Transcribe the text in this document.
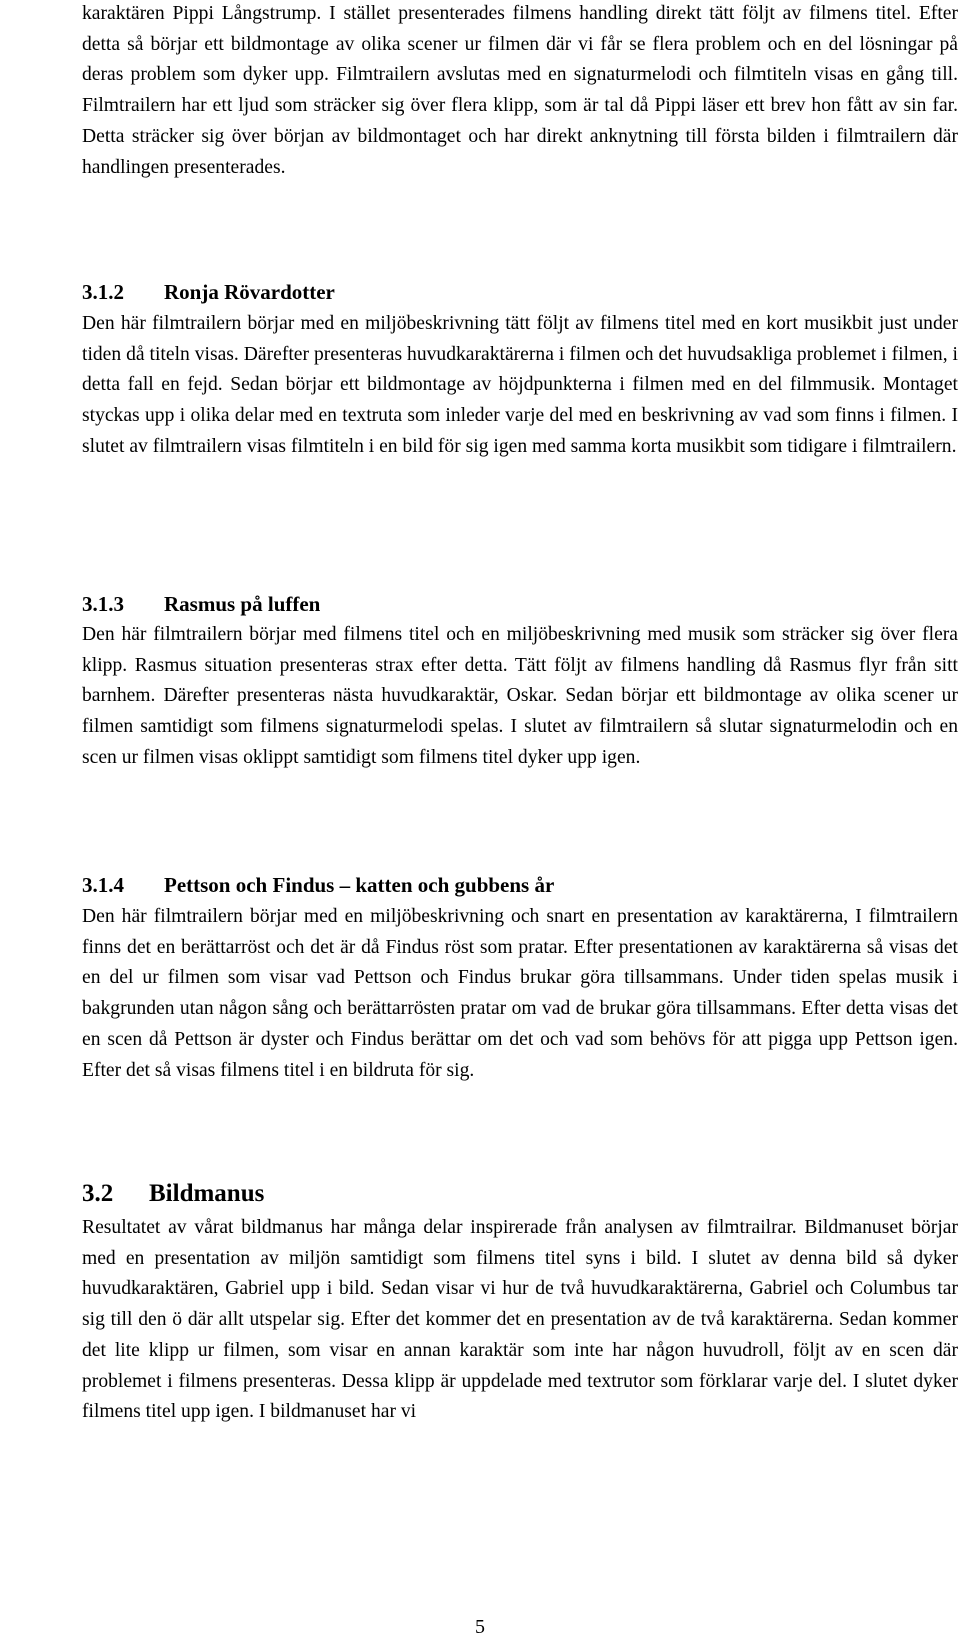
karaktären Pippi Långstrump. I stället presenterades filmens handling direkt tätt följt av filmens titel. Efter detta så börjar ett bildmontage av olika scener ur filmen där vi får se flera problem och en del lösningar på deras problem som dyker upp. Filmtrailern avslutas med en signaturmelodi och filmtiteln visas en gång till. Filmtrailern har ett ljud som sträcker sig över flera klipp, som är tal då Pippi läser ett brev hon fått av sin far. Detta sträcker sig över början av bildmontaget och har direkt anknytning till första bilden i filmtrailern där handlingen presenterades.

3.1.2 Ronja Rövardotter

Den här filmtrailern börjar med en miljöbeskrivning tätt följt av filmens titel med en kort musikbit just under tiden då titeln visas. Därefter presenteras huvudkaraktärerna i filmen och det huvudsakliga problemet i filmen, i detta fall en fejd. Sedan börjar ett bildmontage av höjdpunkterna i filmen med en del filmmusik. Montaget styckas upp i olika delar med en textruta som inleder varje del med en beskrivning av vad som finns i filmen. I slutet av filmtrailern visas filmtiteln i en bild för sig igen med samma korta musikbit som tidigare i filmtrailern.

3.1.3 Rasmus på luffen

Den här filmtrailern börjar med filmens titel och en miljöbeskrivning med musik som sträcker sig över flera klipp. Rasmus situation presenteras strax efter detta. Tätt följt av filmens handling då Rasmus flyr från sitt barnhem. Därefter presenteras nästa huvudkaraktär, Oskar. Sedan börjar ett bildmontage av olika scener ur filmen samtidigt som filmens signaturmelodi spelas. I slutet av filmtrailern så slutar signaturmelodin och en scen ur filmen visas oklippt samtidigt som filmens titel dyker upp igen.

3.1.4 Pettson och Findus – katten och gubbens år

Den här filmtrailern börjar med en miljöbeskrivning och snart en presentation av karaktärerna, I filmtrailern finns det en berättarröst och det är då Findus röst som pratar. Efter presentationen av karaktärerna så visas det en del ur filmen som visar vad Pettson och Findus brukar göra tillsammans. Under tiden spelas musik i bakgrunden utan någon sång och berättarrösten pratar om vad de brukar göra tillsammans. Efter detta visas det en scen då Pettson är dyster och Findus berättar om det och vad som behövs för att pigga upp Pettson igen. Efter det så visas filmens titel i en bildruta för sig.

3.2 Bildmanus

Resultatet av vårat bildmanus har många delar inspirerade från analysen av filmtrailrar. Bildmanuset börjar med en presentation av miljön samtidigt som filmens titel syns i bild. I slutet av denna bild så dyker huvudkaraktären, Gabriel upp i bild. Sedan visar vi hur de två huvudkaraktärerna, Gabriel och Columbus tar sig till den ö där allt utspelar sig. Efter det kommer det en presentation av de två karaktärerna. Sedan kommer det lite klipp ur filmen, som visar en annan karaktär som inte har någon huvudroll, följt av en scen där problemet i filmens presenteras. Dessa klipp är uppdelade med textrutor som förklarar varje del. I slutet dyker filmens titel upp igen. I bildmanuset har vi

5
